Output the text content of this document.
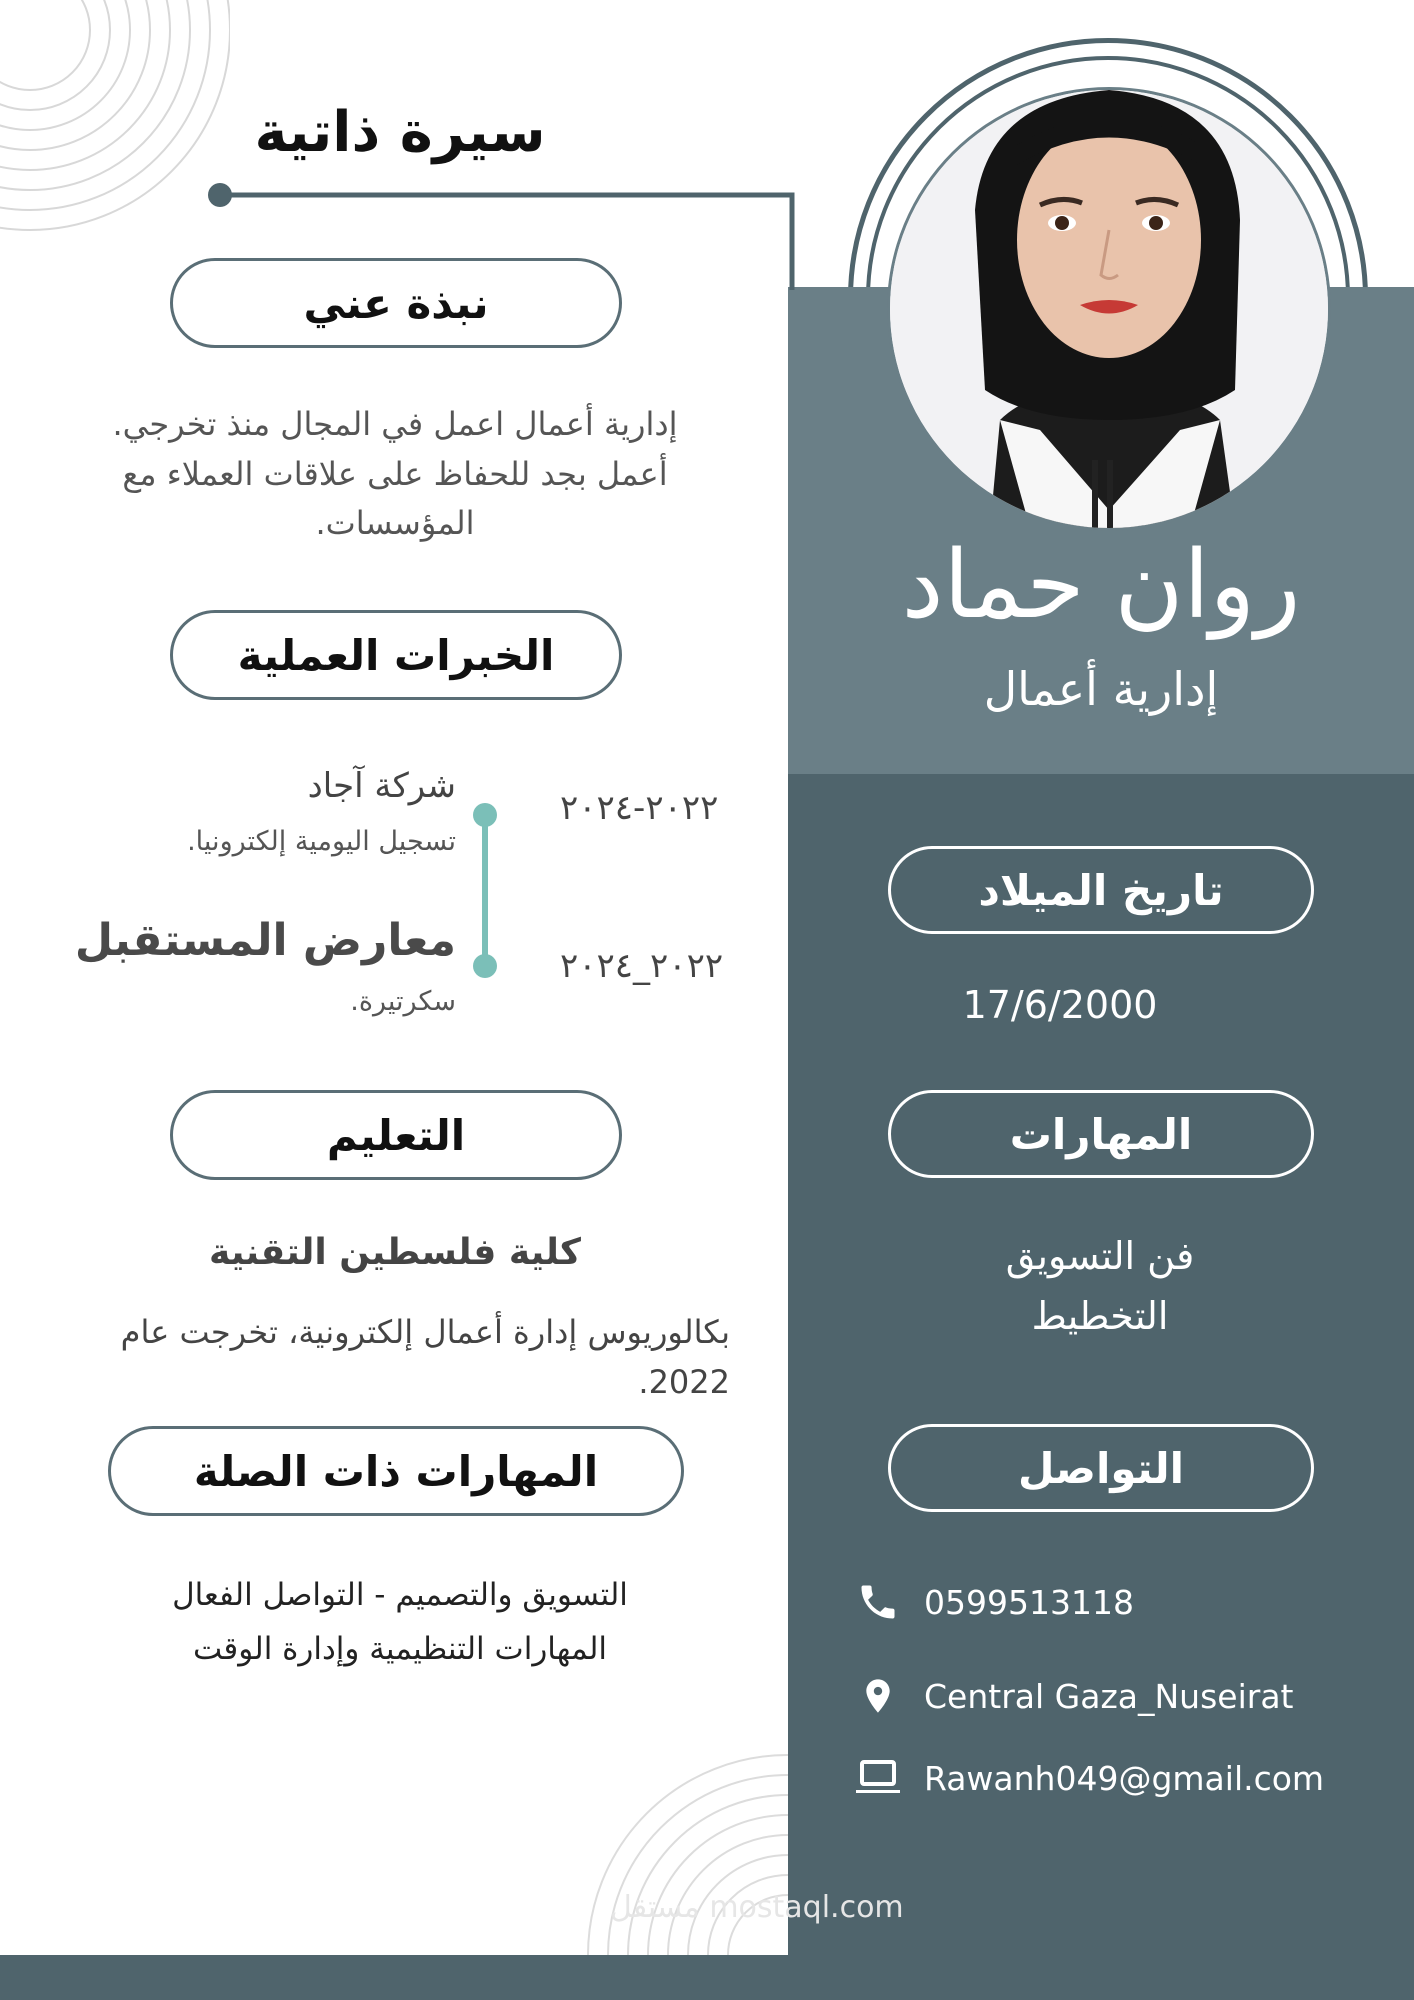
روان حماد
إدارية أعمال
تاريخ الميلاد
17/6/2000
المهارات
فن التسويق
التخطيط
التواصل
0599513118
Central Gaza_Nuseirat
Rawanh049@gmail.com
سيرة ذاتية
نبذة عني
إدارية أعمال اعمل في المجال منذ تخرجي.
أعمل بجد للحفاظ على علاقات العملاء مع
المؤسسات.
الخبرات العملية
شركة آجاد
تسجيل اليومية إلكترونيا.
٢٠٢٢-٢٠٢٤
معارض المستقبل
سكرتيرة.
٢٠٢٢_٢٠٢٤
التعليم
كلية فلسطين التقنية
بكالوريوس إدارة أعمال إلكترونية، تخرجت عام
2022.
المهارات ذات الصلة
التسويق والتصميم - التواصل الفعال
المهارات التنظيمية وإدارة الوقت
مستقل mostaql.com
